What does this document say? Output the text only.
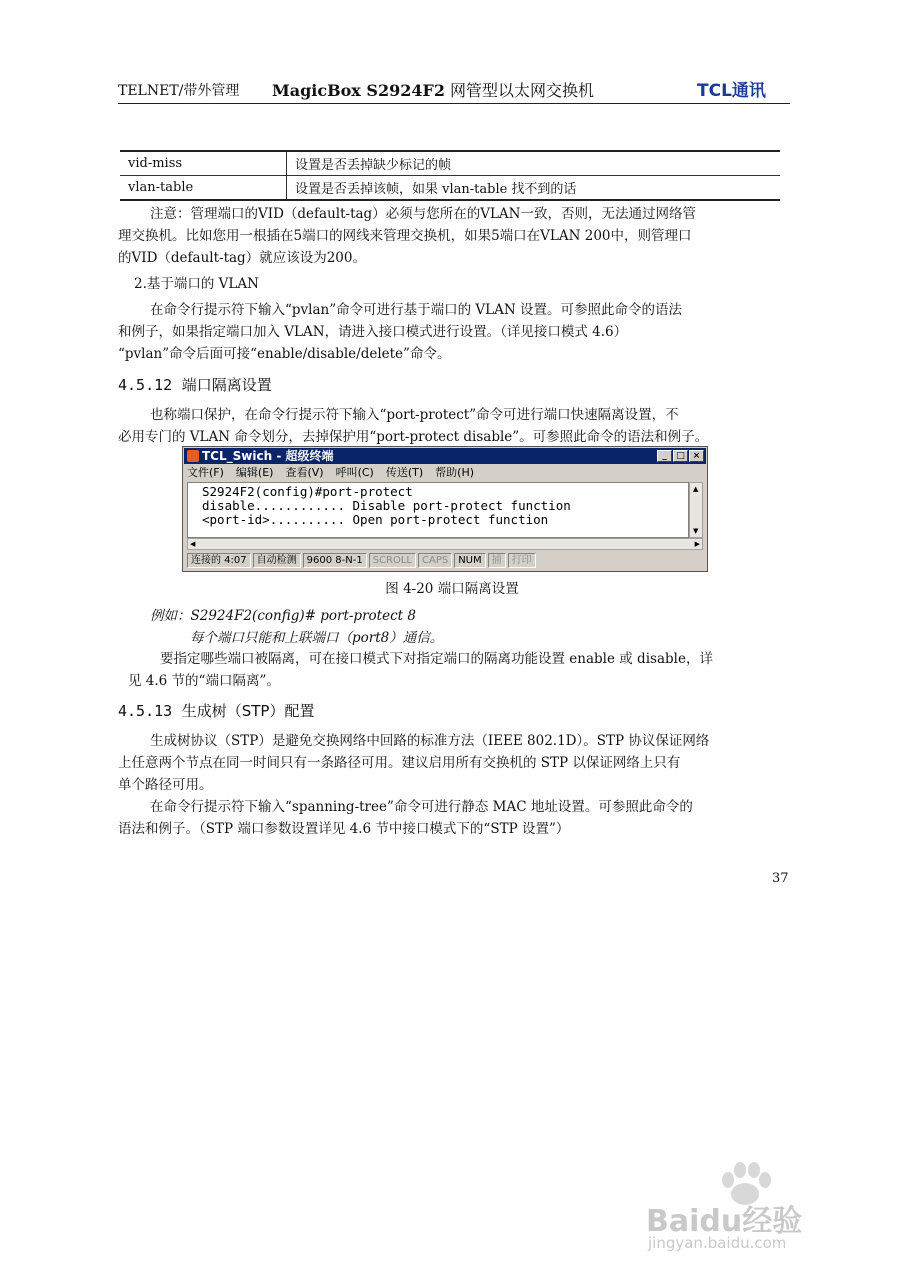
TELNET/带外管理 MagicBox S2924F2 网管型以太网交换机	TCL通讯
vid-miss	设置是否丢掉缺少标记的帧
vlan-table	设置是否丢掉该帧，如果 vlan-table 找不到的话
注意：管理端口的VID（default-tag）必须与您所在的VLAN一致，否则，无法通过网络管
理交换机。比如您用一根插在5端口的网线来管理交换机，如果5端口在VLAN 200中，则管理口
的VID（default-tag）就应该设为200。
2.基于端口的 VLAN
在命令行提示符下输入“pvlan”命令可进行基于端口的 VLAN 设置。可参照此命令的语法
和例子，如果指定端口加入 VLAN，请进入接口模式进行设置。（详见接口模式 4.6）
“pvlan”命令后面可接“enable/disable/delete”命令。
4.5.12 端口隔离设置
也称端口保护，在命令行提示符下输入“port-protect”命令可进行端口快速隔离设置，不
必用专门的 VLAN 命令划分，去掉保护用“port-protect disable”。可参照此命令的语法和例子。
TCL_Swich - 超级终端	_	□ ×
文件(F) 编辑(E) 查看(V) 呼叫(C) 传送(T) 帮助(H)
S2924F2(config)#port-protect
disable............ Disable port-protect function
<port-id>.......... Open port-protect function
▲
▼
◀	▶
连接的 4:07	自动检测	9600 8-N-1	SCROLL	CAPS	NUM	捕	打印
图 4-20 端口隔离设置
例如：S2924F2(config)# port-protect 8
每个端口只能和上联端口（port8）通信。
要指定哪些端口被隔离，可在接口模式下对指定端口的隔离功能设置 enable 或 disable，详
见 4.6 节的“端口隔离”。
4.5.13 生成树（STP）配置
生成树协议（STP）是避免交换网络中回路的标准方法（IEEE 802.1D）。STP 协议保证网络
上任意两个节点在同一时间只有一条路径可用。建议启用所有交换机的 STP 以保证网络上只有
单个路径可用。
在命令行提示符下输入“spanning-tree”命令可进行静态 MAC 地址设置。可参照此命令的
语法和例子。（STP 端口参数设置详见 4.6 节中接口模式下的“STP 设置”）
37
Baidu经验
jingyan.baidu.com
